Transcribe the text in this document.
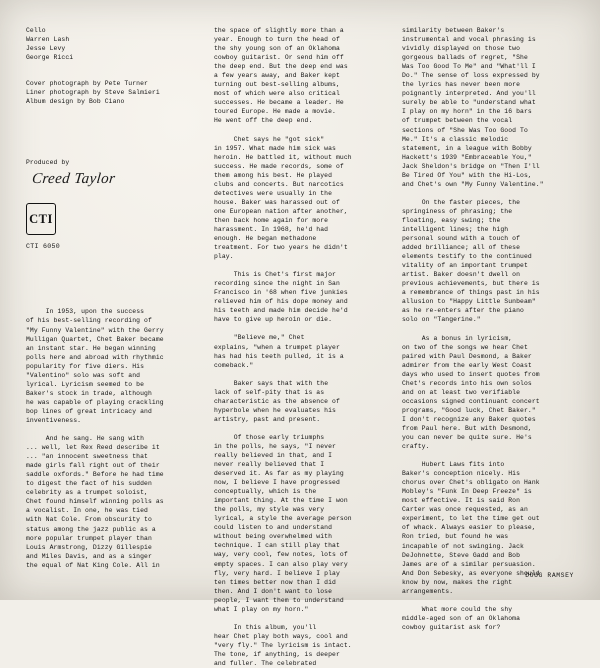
Cello

Warren Lash

Jesse Levy

George Ricci

Cover photograph by Pete Turner

Liner photograph by Steve Salmieri

Album design by Bob Ciano

Produced by

Creed Taylor
CTI
CTI 6050

In 1953, upon the success
of his best-selling recording of
"My Funny Valentine" with the Gerry
Mulligan Quartet, Chet Baker became
an instant star. He began winning
polls here and abroad with rhythmic
popularity for five diers. His
"Valentino" solo was soft and
lyrical. Lyricism seemed to be
Baker's stock in trade, although
he was capable of playing crackling
bop lines of great intricacy and
inventiveness.

And he sang. He sang with
... well, let Rex Reed describe it
... "an innocent sweetness that
made girls fall right out of their
saddle oxfords." Before he had time
to digest the fact of his sudden
celebrity as a trumpet soloist,
Chet found himself winning polls as
a vocalist. In one, he was tied
with Nat Cole. From obscurity to
status among the jazz public as a
more popular trumpet player than
Louis Armstrong, Dizzy Gillespie
and Miles Davis, and as a singer
the equal of Nat King Cole. All in

the space of slightly more than a
year. Enough to turn the head of
the shy young son of an Oklahoma
cowboy guitarist. Or send him off
the deep end. But the deep end was
a few years away, and Baker kept
turning out best-selling albums,
most of which were also critical
successes. He became a leader. He
toured Europe. He made a movie.
He went off the deep end.

Chet says he "got sick"
in 1957. What made him sick was
heroin. He battled it, without much
success. He made records, some of
them among his best. He played
clubs and concerts. But narcotics
detectives were usually in the
house. Baker was harassed out of
one European nation after another,
then back home again for more
harassment. In 1968, he'd had
enough. He began methadone
treatment. For two years he didn't
play.

This is Chet's first major
recording since the night in San
Francisco in '68 when five junkies
relieved him of his dope money and
his teeth and made him decide he'd
have to give up heroin or die.

"Believe me," Chet
explains, "when a trumpet player
has had his teeth pulled, it is a
comeback."

Baker says that with the
lack of self-pity that is as
characteristic as the absence of
hyperbole when he evaluates his
artistry, past and present.

Of those early triumphs
in the polls, he says, "I never
really believed in that, and I
never really believed that I
deserved it. As far as my playing
now, I believe I have progressed
conceptually, which is the
important thing. At the time I won
the polls, my style was very
lyrical, a style the average person
could listen to and understand
without being overwhelmed with
technique. I can still play that
way, very cool, few notes, lots of
empty spaces. I can also play very
fly, very hard. I believe I play
ten times better now than I did
then. And I don't want to lose
people, I want them to understand
what I play on my horn."

In this album, you'll
hear Chet play both ways, cool and
"very fly." The lyricism is intact.
The tone, if anything, is deeper
and fuller. The celebrated

similarity between Baker's
instrumental and vocal phrasing is
vividly displayed on those two
gorgeous ballads of regret, "She
Was Too Good To Me" and "What'll I
Do." The sense of loss expressed by
the lyrics has never been more
poignantly interpreted. And you'll
surely be able to "understand what
I play on my horn" in the 16 bars
of trumpet between the vocal
sections of "She Was Too Good To
Me." It's a classic melodic
statement, in a league with Bobby
Hackett's 1939 "Embraceable You,"
Jack Sheldon's bridge on "Then I'll
Be Tired Of You" with the Hi-Los,
and Chet's own "My Funny Valentine."

On the faster pieces, the
springiness of phrasing; the
floating, easy swing; the
intelligent lines; the high
personal sound with a touch of
added brilliance; all of these
elements testify to the continued
vitality of an important trumpet
artist. Baker doesn't dwell on
previous achievements, but there is
a remembrance of things past in his
allusion to "Happy Little Sunbeam"
as he re-enters after the piano
solo on "Tangerine."

As a bonus in lyricism,
on two of the songs we hear Chet
paired with Paul Desmond, a Baker
admirer from the early West Coast
days who used to insert quotes from
Chet's records into his own solos
and on at least two verifiable
occasions signed continuant concert
programs, "Good luck, Chet Baker."
I don't recognize any Baker quotes
from Paul here. But with Desmond,
you can never be quite sure. He's
crafty.

Hubert Laws fits into
Baker's conception nicely. His
chorus over Chet's obligato on Hank
Mobley's "Funk In Deep Freeze" is
most effective. It is said Ron
Carter was once requested, as an
experiment, to let the time get out
of whack. Always easier to please,
Ron tried, but found he was
incapable of not swinging. Jack
DeJohnette, Steve Gadd and Bob
James are of a similar persuasion.
And Don Sebesky, as everyone should
know by now, makes the right
arrangements.

What more could the shy
middle-aged son of an Oklahoma
cowboy guitarist ask for?

DOUG RAMSEY
